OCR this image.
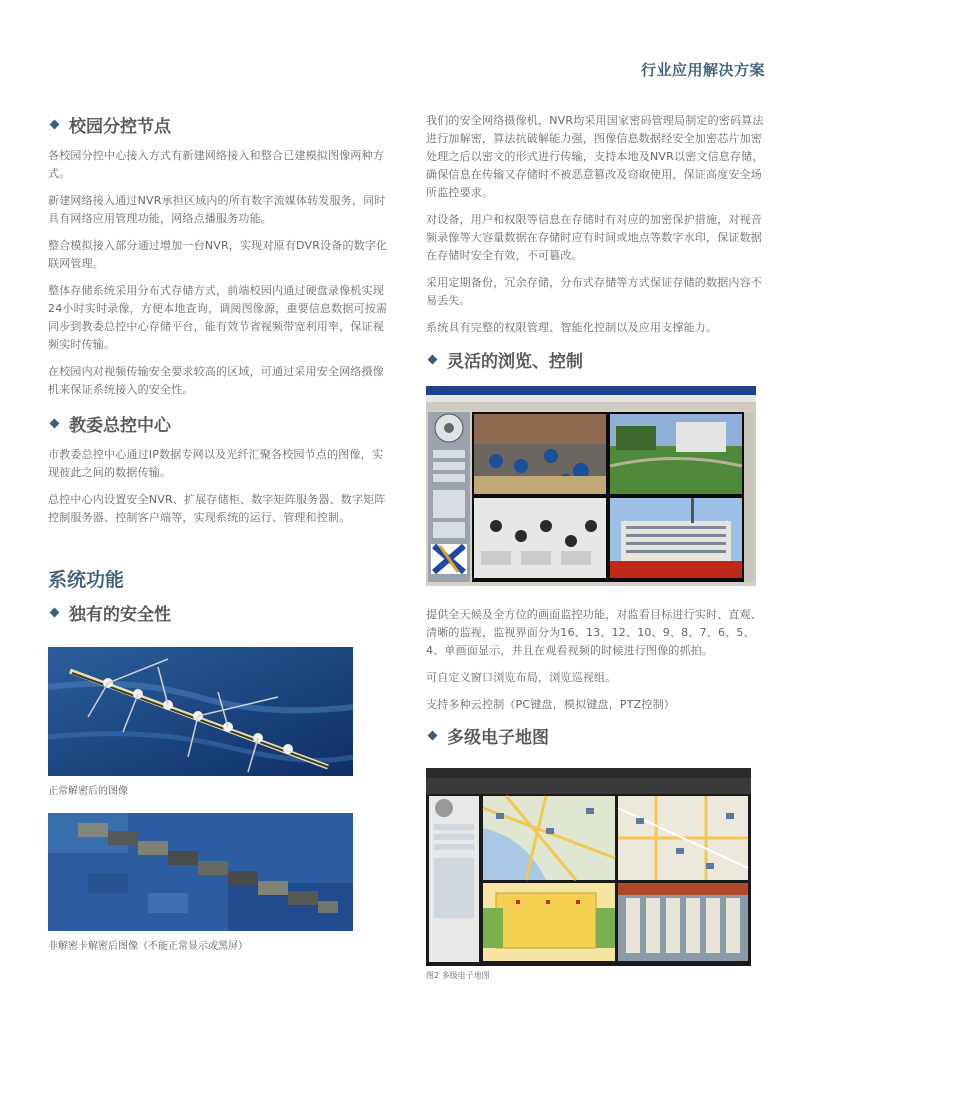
行业应用解决方案
校园分控节点

各校园分控中心接入方式有新建网络接入和整合已建模拟图像两种方式。

新建网络接入通过NVR承担区域内的所有数字流媒体转发服务，同时具有网络应用管理功能，网络点播服务功能。

整合模拟接入部分通过增加一台NVR，实现对原有DVR设备的数字化联网管理。

整体存储系统采用分布式存储方式，前端校园内通过硬盘录像机实现24小时实时录像，方便本地查询，调阅图像源，重要信息数据可按需同步到教委总控中心存储平台，能有效节省视频带宽利用率，保证视频实时传输。

在校园内对视频传输安全要求较高的区域，可通过采用安全网络摄像机来保证系统接入的安全性。

教委总控中心

市教委总控中心通过IP数据专网以及光纤汇聚各校园节点的图像，实现彼此之间的数据传输。

总控中心内设置安全NVR、扩展存储柜、数字矩阵服务器、数字矩阵控制服务器、控制客户端等，实现系统的运行、管理和控制。

系统功能
独有的安全性
正常解密后的图像
非解密卡解密后图像（不能正常显示或黑屏）

我们的安全网络摄像机，NVR均采用国家密码管理局制定的密码算法进行加解密，算法抗破解能力强，图像信息数据经安全加密芯片加密处理之后以密文的形式进行传输，支持本地及NVR以密文信息存储，确保信息在传输又存储时不被恶意篡改及窃取使用，保证高度安全场所监控要求。

对设备，用户和权限等信息在存储时有对应的加密保护措施，对视音频录像等大容量数据在存储时应有时间或地点等数字水印，保证数据在存储时安全有效，不可篡改。

采用定期备份，冗余存储，分布式存储等方式保证存储的数据内容不易丢失。

系统具有完整的权限管理、智能化控制以及应用支撑能力。

灵活的浏览、控制

提供全天候及全方位的画面监控功能，对监看目标进行实时、直观、清晰的监视，监视界面分为16、13、12、10、9、8、7、6、5、4、单画面显示，并且在观看视频的时候进行图像的抓拍。

可自定义窗口浏览布局，浏览巡视组。

支持多种云控制（PC键盘，模拟键盘，PTZ控制）

多级电子地图
图2 多级电子地图
